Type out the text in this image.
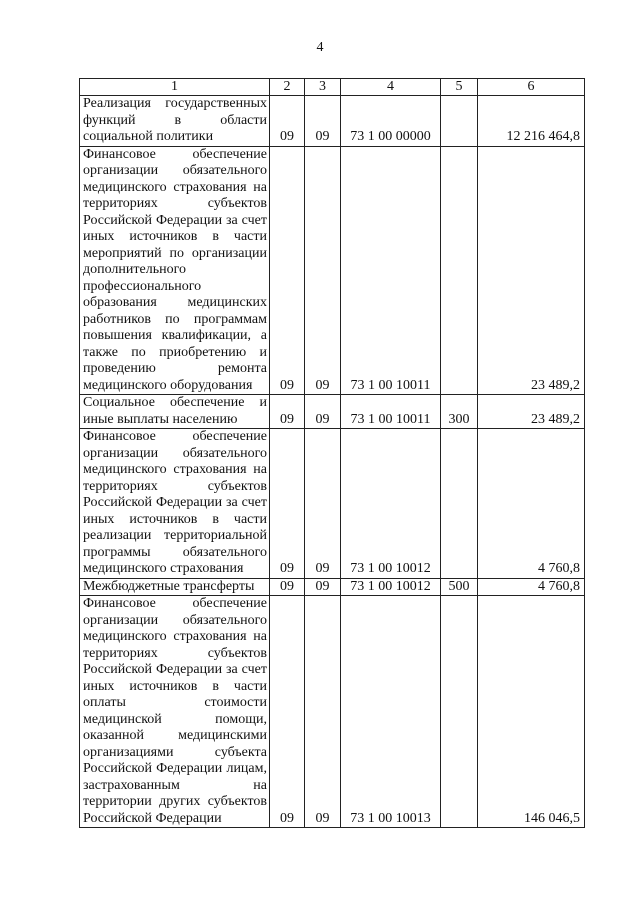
4
1	2	3	4	5	6
Реализация государственных функций в области социальной политики	09	09	73 1 00 00000		12 216 464,8
Финансовое обеспечение организации обязательного медицинского страхования на территориях субъектов Российской Федерации за счет иных источников в части мероприятий по организации дополнительного профессионального образования медицинских работников по программам повышения квалификации, а также по приобретению и проведению ремонта медицинского оборудования	09	09	73 1 00 10011		23 489,2
Социальное обеспечение и иные выплаты населению	09	09	73 1 00 10011	300	23 489,2
Финансовое обеспечение организации обязательного медицинского страхования на территориях субъектов Российской Федерации за счет иных источников в части реализации территориальной программы обязательного медицинского страхования	09	09	73 1 00 10012		4 760,8
Межбюджетные трансферты	09	09	73 1 00 10012	500	4 760,8
Финансовое обеспечение организации обязательного медицинского страхования на территориях субъектов Российской Федерации за счет иных источников в части оплаты стоимости медицинской помощи, оказанной медицинскими организациями субъекта Российской Федерации лицам, застрахованным на территории других субъектов Российской Федерации	09	09	73 1 00 10013		146 046,5
